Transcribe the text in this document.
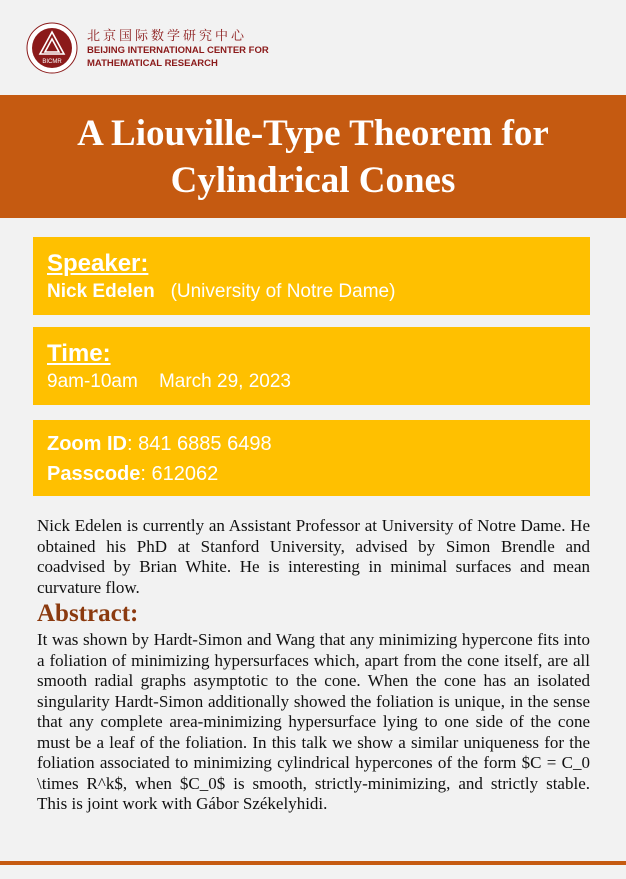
BICMR
北京国际数学研究中心
BEIJING INTERNATIONAL CENTER FOR
MATHEMATICAL RESEARCH
A Liouville-Type Theorem for
Cylindrical Cones
Speaker:
Nick Edelen (University of Notre Dame)
Time:
9am-10am March 29, 2023
Zoom ID: 841 6885 6498
Passcode: 612062
Nick Edelen is currently an Assistant Professor at University of Notre Dame. He obtained his PhD at Stanford University, advised by Simon Brendle and coadvised by Brian White. He is interesting in minimal surfaces and mean curvature flow.
Abstract:
It was shown by Hardt-Simon and Wang that any minimizing hypercone fits into a foliation of minimizing hypersurfaces which, apart from the cone itself, are all smooth radial graphs asymptotic to the cone. When the cone has an isolated singularity Hardt-Simon additionally showed the foliation is unique, in the sense that any complete area-minimizing hypersurface lying to one side of the cone must be a leaf of the foliation. In this talk we show a similar uniqueness for the foliation associated to minimizing cylindrical hypercones of the form $C = C_0 \times R^k$, when $C_0$ is smooth, strictly-minimizing, and strictly stable. This is joint work with Gábor Székelyhidi.
